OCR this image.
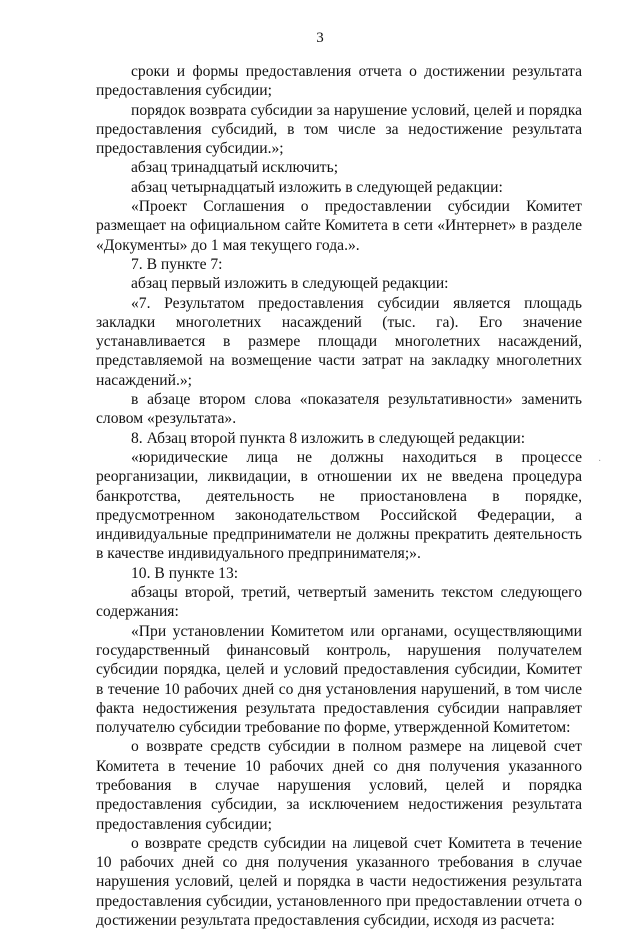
3

сроки и формы предоставления отчета о достижении результата предоставления субсидии;

порядок возврата субсидии за нарушение условий, целей и порядка предоставления субсидий, в том числе за недостижение результата предоставления субсидии.»;

абзац тринадцатый исключить;

абзац четырнадцатый изложить в следующей редакции:

«Проект Соглашения о предоставлении субсидии Комитет размещает на официальном сайте Комитета в сети «Интернет» в разделе «Документы» до 1 мая текущего года.».

7. В пункте 7:

абзац первый изложить в следующей редакции:

«7. Результатом предоставления субсидии является площадь закладки многолетних насаждений (тыс. га). Его значение устанавливается в размере площади многолетних насаждений, представляемой на возмещение части затрат на закладку многолетних насаждений.»;

в абзаце втором слова «показателя результативности» заменить словом «результата».

8. Абзац второй пункта 8 изложить в следующей редакции:

«юридические лица не должны находиться в процессе реорганизации, ликвидации, в отношении их не введена процедура банкротства, деятельность не приостановлена в порядке, предусмотренном законодательством Российской Федерации, а индивидуальные предприниматели не должны прекратить деятельность в качестве индивидуального предпринимателя;».

10. В пункте 13:

абзацы второй, третий, четвертый заменить текстом следующего содержания:

«При установлении Комитетом или органами, осуществляющими государственный финансовый контроль, нарушения получателем субсидии порядка, целей и условий предоставления субсидии, Комитет в течение 10 рабочих дней со дня установления нарушений, в том числе факта недостижения результата предоставления субсидии направляет получателю субсидии требование по форме, утвержденной Комитетом:

о возврате средств субсидии в полном размере на лицевой счет Комитета в течение 10 рабочих дней со дня получения указанного требования в случае нарушения условий, целей и порядка предоставления субсидии, за исключением недостижения результата предоставления субсидии;

о возврате средств субсидии на лицевой счет Комитета в течение 10 рабочих дней со дня получения указанного требования в случае нарушения условий, целей и порядка в части недостижения результата предоставления субсидии, установленного при предоставлении отчета о достижении результата предоставления субсидии, исходя из расчета:

·
